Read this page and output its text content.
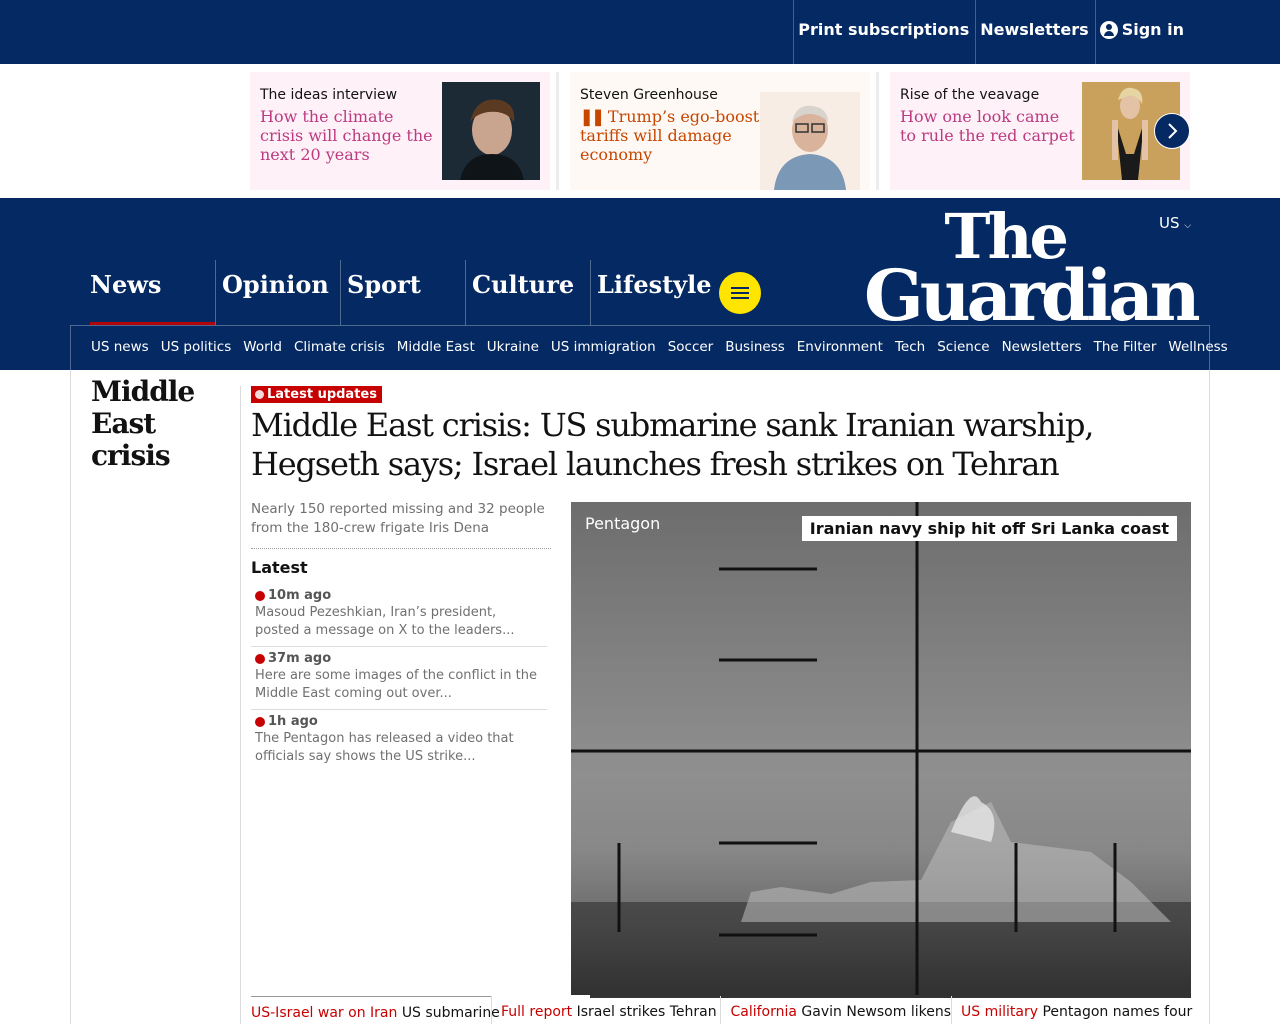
Print subscriptions Newsletters Sign in
The ideas interview
How the climate crisis will change the next 20 years
Steven Greenhouse
❚❚ Trump’s ego-boost tariffs will damage economy
Rise of the veavage
How one look came to rule the red carpet
US ⌵
The
Guardian
News	Opinion Sport	Culture Lifestyle
US news US politics World Climate crisis Middle East Ukraine US immigration Soccer Business Environment Tech Science Newsletters The Filter Wellness
Middle East crisis
Latest updates
Middle East crisis: US submarine sank Iranian warship, Hegseth says; Israel launches fresh strikes on Tehran
Nearly 150 reported missing and 32 people from the 180-crew frigate Iris Dena
Latest
10m ago
Masoud Pezeshkian, Iran’s president, posted a message on X to the leaders...
37m ago
Here are some images of the conflict in the Middle East coming out over...
1h ago
The Pentagon has released a video that officials say shows the US strike...
Pentagon	Iranian navy ship hit off Sri Lanka coast
US-Israel war on Iran US submarine Full report Israel strikes Tehran California Gavin Newsom likens US military Pentagon names four
